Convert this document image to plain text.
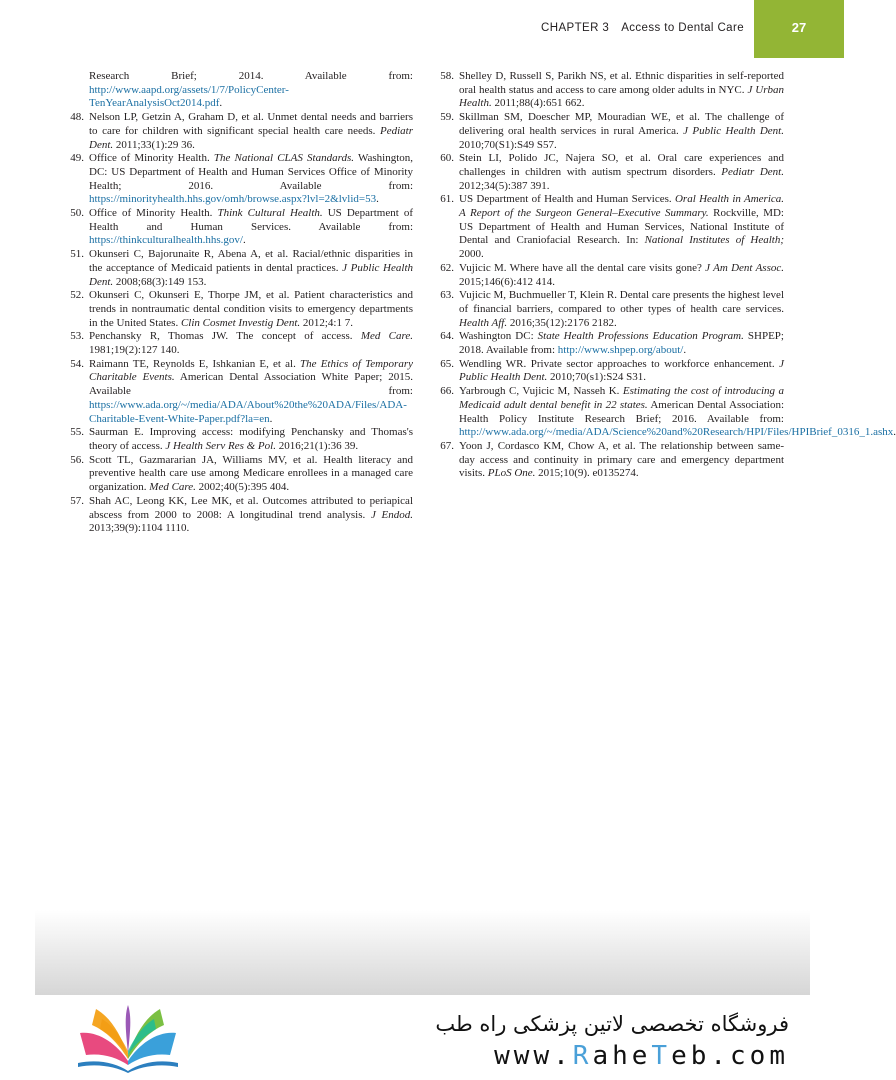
CHAPTER 3 Access to Dental Care	27

Research Brief; 2014. Available from: http://www.aapd.org/assets/1/7/PolicyCenter-TenYearAnalysisOct2014.pdf.

48. Nelson LP, Getzin A, Graham D, et al. Unmet dental needs and barriers to care for children with significant special health care needs. Pediatr Dent. 2011;33(1):29 36.

49. Office of Minority Health. The National CLAS Standards. Washington, DC: US Department of Health and Human Services Office of Minority Health; 2016. Available from: https://minorityhealth.hhs.gov/omh/browse.aspx?lvl=2&lvlid=53.

50. Office of Minority Health. Think Cultural Health. US Department of Health and Human Services. Available from: https://thinkculturalhealth.hhs.gov/.

51. Okunseri C, Bajorunaite R, Abena A, et al. Racial/ethnic disparities in the acceptance of Medicaid patients in dental practices. J Public Health Dent. 2008;68(3):149 153.

52. Okunseri C, Okunseri E, Thorpe JM, et al. Patient characteristics and trends in nontraumatic dental condition visits to emergency departments in the United States. Clin Cosmet Investig Dent. 2012;4:1 7.

53. Penchansky R, Thomas JW. The concept of access. Med Care. 1981;19(2):127 140.

54. Raimann TE, Reynolds E, Ishkanian E, et al. The Ethics of Temporary Charitable Events. American Dental Association White Paper; 2015. Available from: https://www.ada.org/~/media/ADA/About%20the%20ADA/Files/ADA-Charitable-Event-White-Paper.pdf?la=en.

55. Saurman E. Improving access: modifying Penchansky and Thomas's theory of access. J Health Serv Res & Pol. 2016;21(1):36 39.

56. Scott TL, Gazmararian JA, Williams MV, et al. Health literacy and preventive health care use among Medicare enrollees in a managed care organization. Med Care. 2002;40(5):395 404.

57. Shah AC, Leong KK, Lee MK, et al. Outcomes attributed to periapical abscess from 2000 to 2008: A longitudinal trend analysis. J Endod. 2013;39(9):1104 1110.

58. Shelley D, Russell S, Parikh NS, et al. Ethnic disparities in self-reported oral health status and access to care among older adults in NYC. J Urban Health. 2011;88(4):651 662.

59. Skillman SM, Doescher MP, Mouradian WE, et al. The challenge of delivering oral health services in rural America. J Public Health Dent. 2010;70(S1):S49 S57.

60. Stein LI, Polido JC, Najera SO, et al. Oral care experiences and challenges in children with autism spectrum disorders. Pediatr Dent. 2012;34(5):387 391.

61. US Department of Health and Human Services. Oral Health in America. A Report of the Surgeon General–Executive Summary. Rockville, MD: US Department of Health and Human Services, National Institute of Dental and Craniofacial Research. In: National Institutes of Health; 2000.

62. Vujicic M. Where have all the dental care visits gone? J Am Dent Assoc. 2015;146(6):412 414.

63. Vujicic M, Buchmueller T, Klein R. Dental care presents the highest level of financial barriers, compared to other types of health care services. Health Aff. 2016;35(12):2176 2182.

64. Washington DC: State Health Professions Education Program. SHPEP; 2018. Available from: http://www.shpep.org/about/.

65. Wendling WR. Private sector approaches to workforce enhancement. J Public Health Dent. 2010;70(s1):S24 S31.

66. Yarbrough C, Vujicic M, Nasseh K. Estimating the cost of introducing a Medicaid adult dental benefit in 22 states. American Dental Association: Health Policy Institute Research Brief; 2016. Available from: http://www.ada.org/~/media/ADA/Science%20and%20Research/HPI/Files/HPIBrief_0316_1.ashx.

67. Yoon J, Cordasco KM, Chow A, et al. The relationship between same-day access and continuity in primary care and emergency department visits. PLoS One. 2015;10(9). e0135274.

فروشگاه تخصصی لاتین پزشکی راه طب
www.RaheTeb.com
